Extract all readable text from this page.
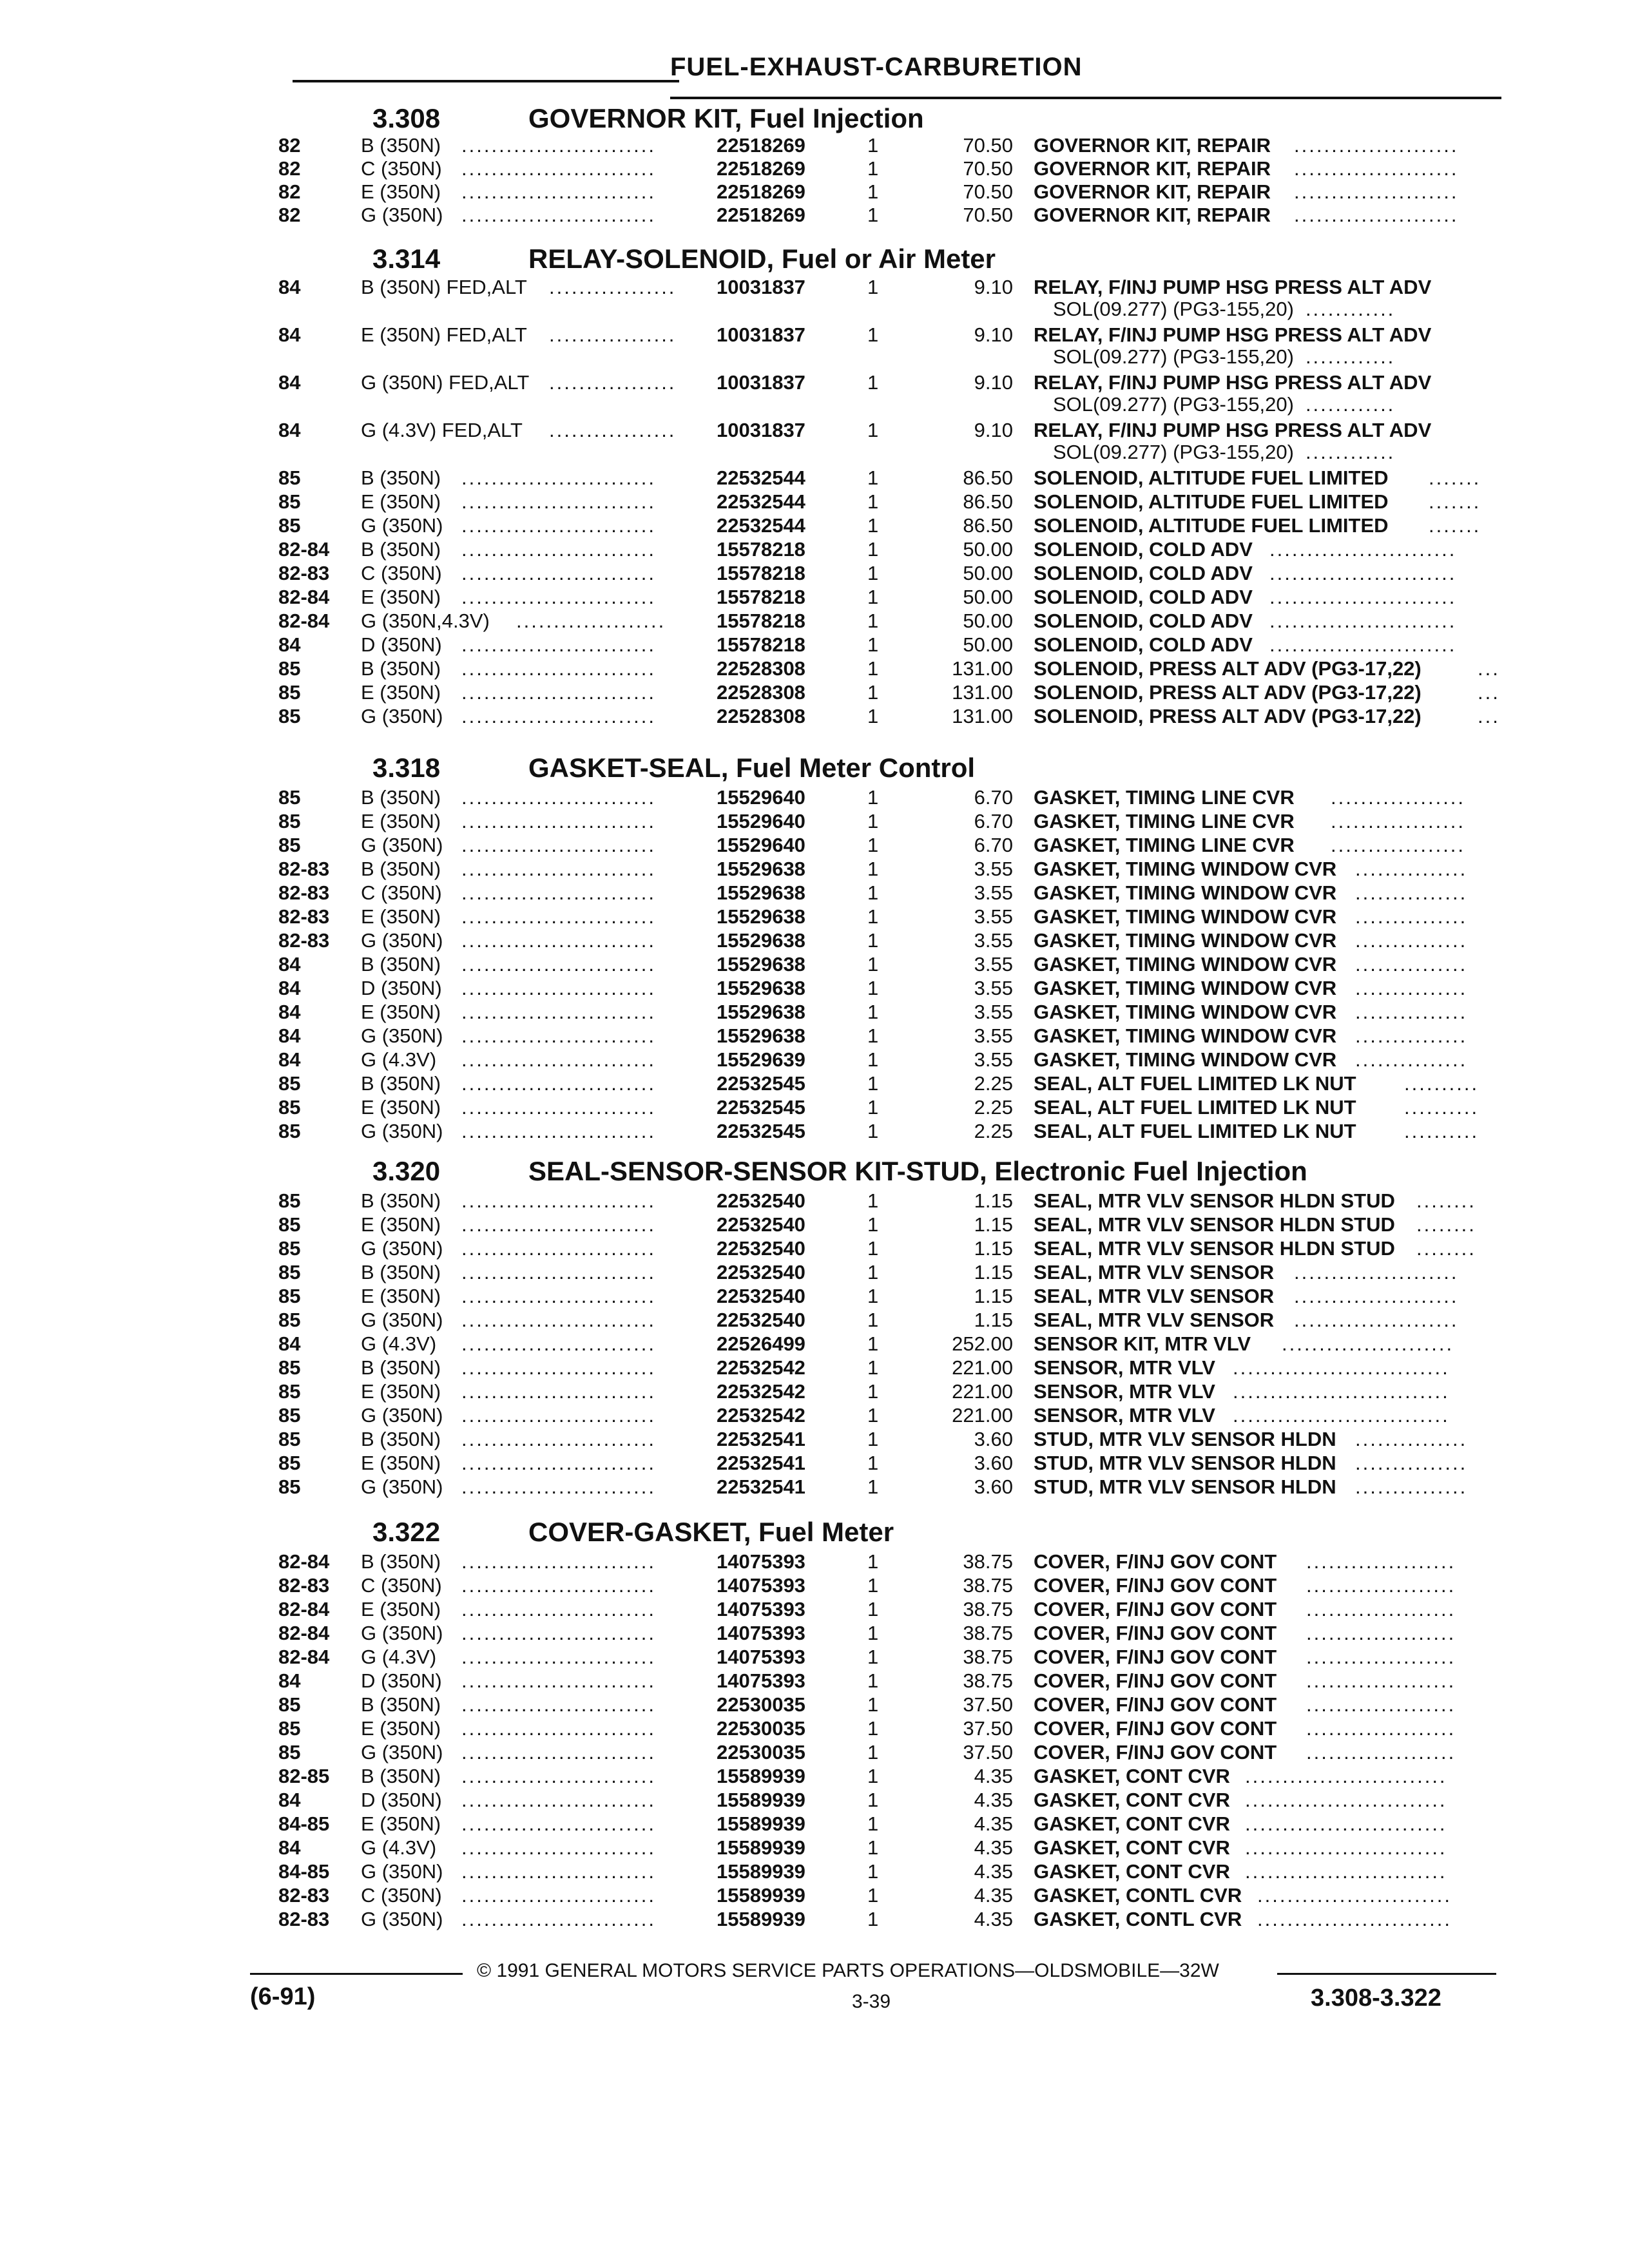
FUEL-EXHAUST-CARBURETION
3.308	GOVERNOR KIT, Fuel Injection
82	B (350N) ..........................	22518269	1	70.50 GOVERNOR KIT, REPAIR ......................
82	C (350N) ..........................	22518269	1	70.50 GOVERNOR KIT, REPAIR ......................
82	E (350N) ..........................	22518269	1	70.50 GOVERNOR KIT, REPAIR ......................
82	G (350N) ..........................	22518269	1	70.50 GOVERNOR KIT, REPAIR ......................
3.314	RELAY-SOLENOID, Fuel or Air Meter
84	B (350N) FED,ALT ................. 10031837	1	9.10 RELAY, F/INJ PUMP HSG PRESS ALT ADV
SOL(09.277) (PG3-155,20) ............
84	E (350N) FED,ALT ................. 10031837	1	9.10 RELAY, F/INJ PUMP HSG PRESS ALT ADV
SOL(09.277) (PG3-155,20) ............
84	G (350N) FED,ALT ................. 10031837	1	9.10 RELAY, F/INJ PUMP HSG PRESS ALT ADV
SOL(09.277) (PG3-155,20) ............
84	G (4.3V) FED,ALT ................. 10031837	1	9.10 RELAY, F/INJ PUMP HSG PRESS ALT ADV
SOL(09.277) (PG3-155,20) ............
85	B (350N) ..........................	22532544	1	86.50 SOLENOID, ALTITUDE FUEL LIMITED .......
85	E (350N) ..........................	22532544	1	86.50 SOLENOID, ALTITUDE FUEL LIMITED .......
85	G (350N) ..........................	22532544	1	86.50 SOLENOID, ALTITUDE FUEL LIMITED .......
82-84 B (350N) ..........................	15578218	1	50.00 SOLENOID, COLD ADV .........................
82-83 C (350N) ..........................	15578218	1	50.00 SOLENOID, COLD ADV .........................
82-84 E (350N) ..........................	15578218	1	50.00 SOLENOID, COLD ADV .........................
82-84 G (350N,4.3V) ....................	15578218	1	50.00 SOLENOID, COLD ADV .........................
84	D (350N) ..........................	15578218	1	50.00 SOLENOID, COLD ADV .........................
85	B (350N) ..........................	22528308	1	131.00 SOLENOID, PRESS ALT ADV (PG3-17,22)	...
85	E (350N) ..........................	22528308	1	131.00 SOLENOID, PRESS ALT ADV (PG3-17,22)	...
85	G (350N) ..........................	22528308	1	131.00 SOLENOID, PRESS ALT ADV (PG3-17,22)	...
3.318	GASKET-SEAL, Fuel Meter Control
85	B (350N) ..........................	15529640	1	6.70 GASKET, TIMING LINE CVR ..................
85	E (350N) ..........................	15529640	1	6.70 GASKET, TIMING LINE CVR ..................
85	G (350N) ..........................	15529640	1	6.70 GASKET, TIMING LINE CVR ..................
82-83 B (350N) ..........................	15529638	1	3.55 GASKET, TIMING WINDOW CVR ...............
82-83 C (350N) ..........................	15529638	1	3.55 GASKET, TIMING WINDOW CVR ...............
82-83 E (350N) ..........................	15529638	1	3.55 GASKET, TIMING WINDOW CVR ...............
82-83 G (350N) ..........................	15529638	1	3.55 GASKET, TIMING WINDOW CVR ...............
84	B (350N) ..........................	15529638	1	3.55 GASKET, TIMING WINDOW CVR ...............
84	D (350N) ..........................	15529638	1	3.55 GASKET, TIMING WINDOW CVR ...............
84	E (350N) ..........................	15529638	1	3.55 GASKET, TIMING WINDOW CVR ...............
84	G (350N) ..........................	15529638	1	3.55 GASKET, TIMING WINDOW CVR ...............
84	G (4.3V) ..........................	15529639	1	3.55 GASKET, TIMING WINDOW CVR ...............
85	B (350N) ..........................	22532545	1	2.25 SEAL, ALT FUEL LIMITED LK NUT ..........
85	E (350N) ..........................	22532545	1	2.25 SEAL, ALT FUEL LIMITED LK NUT ..........
85	G (350N) ..........................	22532545	1	2.25 SEAL, ALT FUEL LIMITED LK NUT ..........
3.320	SEAL-SENSOR-SENSOR KIT-STUD, Electronic Fuel Injection
85	B (350N) ..........................	22532540	1	1.15 SEAL, MTR VLV SENSOR HLDN STUD ........
85	E (350N) ..........................	22532540	1	1.15 SEAL, MTR VLV SENSOR HLDN STUD ........
85	G (350N) ..........................	22532540	1	1.15 SEAL, MTR VLV SENSOR HLDN STUD ........
85	B (350N) ..........................	22532540	1	1.15 SEAL, MTR VLV SENSOR ......................
85	E (350N) ..........................	22532540	1	1.15 SEAL, MTR VLV SENSOR ......................
85	G (350N) ..........................	22532540	1	1.15 SEAL, MTR VLV SENSOR ......................
84	G (4.3V) ..........................	22526499	1	252.00 SENSOR KIT, MTR VLV .......................
85	B (350N) ..........................	22532542	1	221.00 SENSOR, MTR VLV .............................
85	E (350N) ..........................	22532542	1	221.00 SENSOR, MTR VLV .............................
85	G (350N) ..........................	22532542	1	221.00 SENSOR, MTR VLV .............................
85	B (350N) ..........................	22532541	1	3.60 STUD, MTR VLV SENSOR HLDN ...............
85	E (350N) ..........................	22532541	1	3.60 STUD, MTR VLV SENSOR HLDN ...............
85	G (350N) ..........................	22532541	1	3.60 STUD, MTR VLV SENSOR HLDN ...............
3.322	COVER-GASKET, Fuel Meter
82-84 B (350N) ..........................	14075393	1	38.75 COVER, F/INJ GOV CONT ....................
82-83 C (350N) ..........................	14075393	1	38.75 COVER, F/INJ GOV CONT ....................
82-84 E (350N) ..........................	14075393	1	38.75 COVER, F/INJ GOV CONT ....................
82-84 G (350N) ..........................	14075393	1	38.75 COVER, F/INJ GOV CONT ....................
82-84 G (4.3V) ..........................	14075393	1	38.75 COVER, F/INJ GOV CONT ....................
84	D (350N) ..........................	14075393	1	38.75 COVER, F/INJ GOV CONT ....................
85	B (350N) ..........................	22530035	1	37.50 COVER, F/INJ GOV CONT ....................
85	E (350N) ..........................	22530035	1	37.50 COVER, F/INJ GOV CONT ....................
85	G (350N) ..........................	22530035	1	37.50 COVER, F/INJ GOV CONT ....................
82-85 B (350N) ..........................	15589939	1	4.35 GASKET, CONT CVR ...........................
84	D (350N) ..........................	15589939	1	4.35 GASKET, CONT CVR ...........................
84-85 E (350N) ..........................	15589939	1	4.35 GASKET, CONT CVR ...........................
84	G (4.3V) ..........................	15589939	1	4.35 GASKET, CONT CVR ...........................
84-85 G (350N) ..........................	15589939	1	4.35 GASKET, CONT CVR ...........................
82-83 C (350N) ..........................	15589939	1	4.35 GASKET, CONTL CVR ..........................
82-83 G (350N) ..........................	15589939	1	4.35 GASKET, CONTL CVR ..........................
© 1991 GENERAL MOTORS SERVICE PARTS OPERATIONS—OLDSMOBILE—32W
(6-91)	3-39	3.308-3.322
